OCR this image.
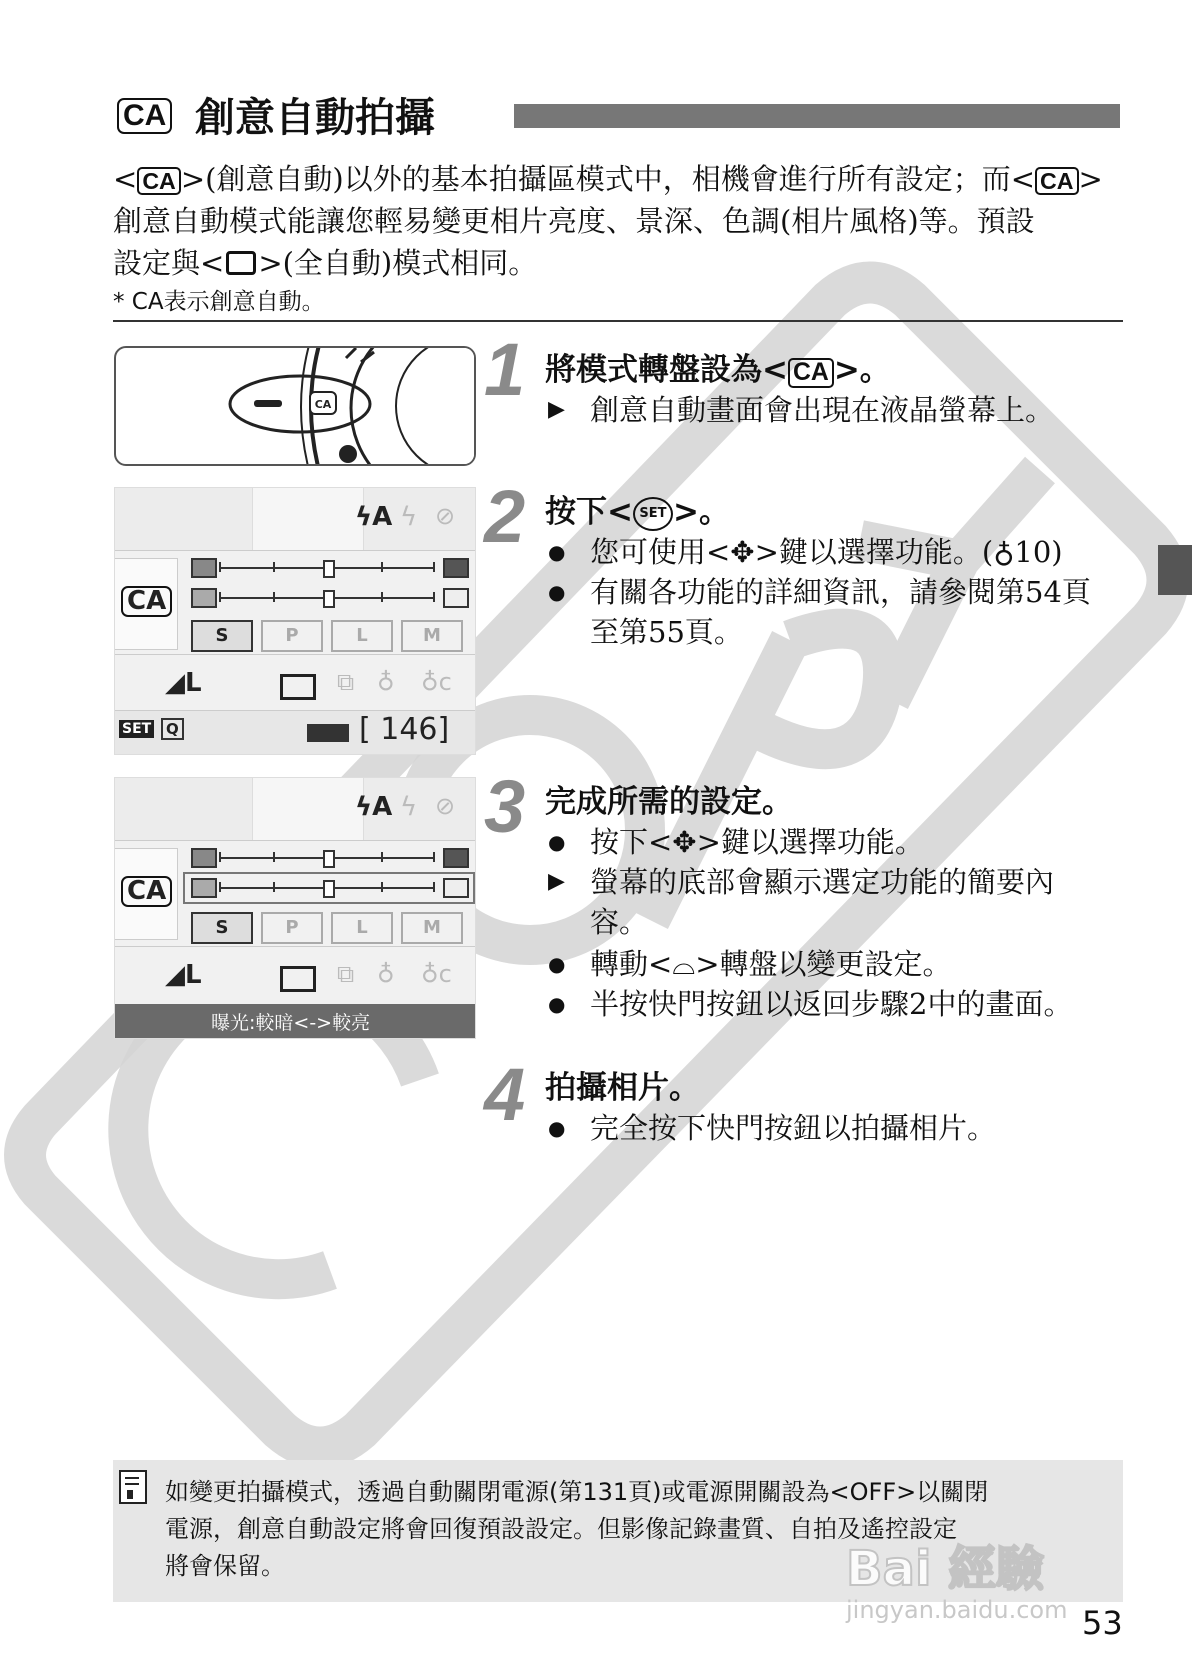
CA 創意自動拍攝
< CA >(創意自動)以外的基本拍攝區模式中，相機會進行所有設定；而< CA >
創意自動模式能讓您輕易變更相片亮度、景深、色調(相片風格)等。預設
設定與< >(全自動)模式相同。
* CA表示創意自動。
CA
ϟA ϟ ⊘
CA
S	P	L	M
◢L	⧉ ♁ ♁c
SET Q	[ 146]
ϟA ϟ ⊘
CA
S	P	L	M
◢L	⧉ ♁ ♁c
曝光:較暗<->較亮
1 將模式轉盤設為< CA >。
▶ 創意自動畫面會出現在液晶螢幕上。
2 按下< SET >。
● 您可使用<✥>鍵以選擇功能。(♁10)
● 有關各功能的詳細資訊，請參閱第54頁
至第55頁。
3 完成所需的設定。
● 按下<✥>鍵以選擇功能。
▶ 螢幕的底部會顯示選定功能的簡要內
容。
● 轉動<⌓>轉盤以變更設定。
● 半按快門按鈕以返回步驟2中的畫面。
4 拍攝相片。
● 完全按下快門按鈕以拍攝相片。
如變更拍攝模式，透過自動關閉電源(第131頁)或電源開關設為<OFF>以關閉
電源，創意自動設定將會回復預設設定。但影像記錄畫質、自拍及遙控設定
將會保留。	Bai 經驗
jingyan.baidu.com 53
